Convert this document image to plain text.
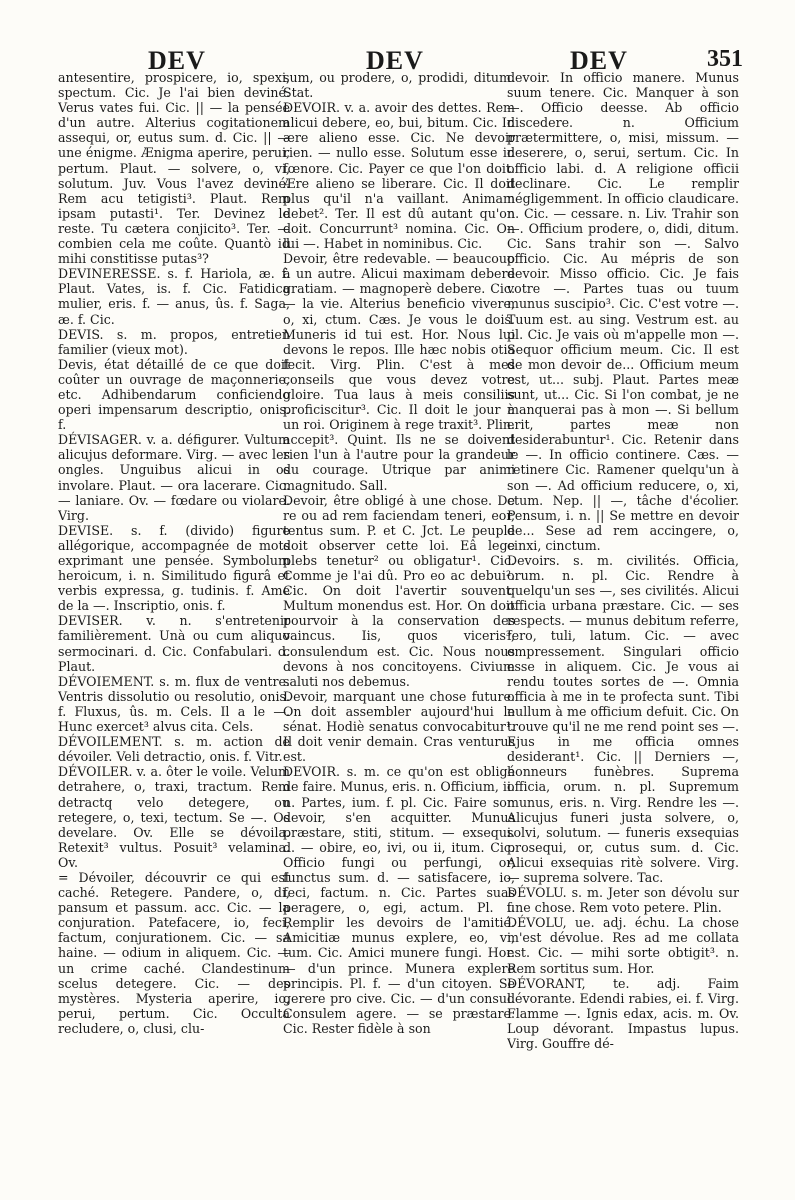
DEV	DEV	DEV	351

antesentire, prospicere, io, spexi, spectum. Cic. Je l'ai bien deviné. Verus vates fui. Cic. || — la pensée d'un autre. Alterius cogitationem assequi, or, eutus sum. d. Cic. || — une énigme. Ænigma aperire, perui, pertum. Plaut. — solvere, o, vi, solutum. Juv. Vous l'avez deviné. Rem acu tetigisti³. Plaut. Rem ipsam putasti¹. Ter. Devinez le reste. Tu cætera conjicito³. Ter. — combien cela me coûte. Quantò id mihi constitisse putas³?

DEVINERESSE. s. f. Hariola, æ. f. Plaut. Vates, is. f. Cic. Fatidica mulier, eris. f. — anus, ûs. f. Saga, æ. f. Cic.

DEVIS. s. m. propos, entretien familier (vieux mot).

Devis, état détaillé de ce que doit coûter un ouvrage de maçonnerie, etc. Adhibendarum conficiendo operi impensarum descriptio, onis. f.

DÉVISAGER. v. a. défigurer. Vultum alicujus deformare. Virg. — avec les ongles. Unguibus alicui in os involare. Plaut. — ora lacerare. Cic. — laniare. Ov. — fœdare ou violare. Virg.

DEVISE. s. f. (divido) figure allégorique, accompagnée de mots exprimant une pensée. Symbolum heroicum, i. n. Similitudo figurâ et verbis expressa, g. tudinis. f. Ame de la —. Inscriptio, onis. f.

DEVISER. v. n. s'entretenir familièrement. Unà ou cum aliquo sermocinari. d. Cic. Confabulari. d. Plaut.

DÉVOIEMENT. s. m. flux de ventre. Ventris dissolutio ou resolutio, onis. f. Fluxus, ûs. m. Cels. Il a le —. Hunc exercet³ alvus cita. Cels.

DÉVOILEMENT. s. m. action de dévoiler. Veli detractio, onis. f. Vitr.

DÉVOILER. v. a. ôter le voile. Velum detrahere, o, traxi, tractum. Rem detractq velo detegere, ou retegere, o, texi, tectum. Se —. Os develare. Ov. Elle se dévoila. Retexit³ vultus. Posuit³ velamina. Ov.

= Dévoiler, découvrir ce qui est caché. Retegere. Pandere, o, di, pansum et passum. acc. Cic. — la conjuration. Patefacere, io, feci, factum, conjurationem. Cic. — sa haine. — odium in aliquem. Cic. — un crime caché. Clandestinum scelus detegere. Cic. — des mystères. Mysteria aperire, io, perui, pertum. Cic. Occulta recludere, o, clusi, clu-

sum, ou prodere, o, prodidi, ditum. Stat.

DEVOIR. v. a. avoir des dettes. Rem alicui debere, eo, bui, bitum. Cic. In ære alieno esse. Cic. Ne devoir rien. — nullo esse. Solutum esse in fœnore. Cic. Payer ce que l'on doit. Ære alieno se liberare. Cic. Il doit plus qu'il n'a vaillant. Animam debet². Ter. Il est dû autant qu'on doit. Concurrunt³ nomina. Cic. On lui —. Habet in nominibus. Cic.

Devoir, être redevable. — beaucoup à un autre. Alicui maximam debere gratiam. — magnoperè debere. Cic. — la vie. Alterius beneficio vivere, o, xi, ctum. Cæs. Je vous le dois. Muneris id tui est. Hor. Nous lui devons le repos. Ille hæc nobis otia fecit. Virg. Plin. C'est à mes conseils que vous devez votre gloire. Tua laus à meis consiliis proficiscitur³. Cic. Il doit le jour à un roi. Originem à rege traxit³. Plin. accepit³. Quint. Ils ne se doivent rien l'un à l'autre pour la grandeur du courage. Utrique par animi magnitudo. Sall.

Devoir, être obligé à une chose. De re ou ad rem faciendam teneri, eor, tentus sum. P. et C. Jct. Le peuple doit observer cette loi. Eâ lege plebs tenetur² ou obligatur¹. Cic. Comme je l'ai dû. Pro eo ac debui². Cic. On doit l'avertir souvent. Multum monendus est. Hor. On doit pourvoir à la conservation des vaincus. Iis, quos viceris³, consulendum est. Cic. Nous nous devons à nos concitoyens. Civium saluti nos debemus.

Devoir, marquant une chose future. On doit assembler aujourd'hui le sénat. Hodiè senatus convocabitur¹. Il doit venir demain. Cras venturus est.

DEVOIR. s. m. ce qu'on est obligé de faire. Munus, eris. n. Officium, ii. n. Partes, ium. f. pl. Cic. Faire son devoir, s'en acquitter. Munus præstare, stiti, stitum. — exsequi. d. — obire, eo, ivi, ou ii, itum. Cic. Officio fungi ou perfungi, or, functus sum. d. — satisfacere, io, feci, factum. n. Cic. Partes suas peragere, o, egi, actum. Pl. f. Remplir les devoirs de l'amitié. Amicitiæ munus explere, eo, vi, tum. Cic. Amici munere fungi. Hor. — d'un prince. Munera explere principis. Pl. f. — d'un citoyen. Se gerere pro cive. Cic. — d'un consul. Consulem agere. — se præstare. Cic. Rester fidèle à son

devoir. In officio manere. Munus suum tenere. Cic. Manquer à son —. Officio deesse. Ab officio discedere. n. Officium prætermittere, o, misi, missum. — deserere, o, serui, sertum. Cic. In officio labi. d. A religione officii declinare. Cic. Le remplir négligemment. In officio claudicare. n. Cic. — cessare. n. Liv. Trahir son —. Officium prodere, o, didi, ditum. Cic. Sans trahir son —. Salvo officio. Cic. Au mépris de son devoir. Misso officio. Cic. Je fais votre —. Partes tuas ou tuum munus suscipio³. Cic. C'est votre —. Tuum est. au sing. Vestrum est. au pl. Cic. Je vais où m'appelle mon —. Sequor officium meum. Cic. Il est de mon devoir de... Officium meum est, ut... subj. Plaut. Partes meæ sunt, ut... Cic. Si l'on combat, je ne manquerai pas à mon —. Si bellum erit, partes meæ non desiderabuntur¹. Cic. Retenir dans le —. In officio continere. Cæs. — retinere Cic. Ramener quelqu'un à son —. Ad officium reducere, o, xi, ctum. Nep. || —, tâche d'écolier. Pensum, i. n. || Se mettre en devoir de... Sese ad rem accingere, o, cinxi, cinctum.

Devoirs. s. m. civilités. Officia, orum. n. pl. Cic. Rendre à quelqu'un ses —, ses civilités. Alicui officia urbana præstare. Cic. — ses respects. — munus debitum referre, fero, tuli, latum. Cic. — avec empressement. Singulari officio esse in aliquem. Cic. Je vous ai rendu toutes sortes de —. Omnia officia à me in te profecta sunt. Tibi nullum à me officium defuit. Cic. On trouve qu'il ne me rend point ses —. Ejus in me officia omnes desiderant¹. Cic. || Derniers —, honneurs funèbres. Suprema officia, orum. n. pl. Supremum munus, eris. n. Virg. Rendre les —. Alicujus funeri justa solvere, o, solvi, solutum. — funeris exsequias prosequi, or, cutus sum. d. Cic. Alicui exsequias ritè solvere. Virg. — suprema solvere. Tac.

DÉVOLU. s. m. Jeter son dévolu sur une chose. Rem voto petere. Plin.

DÉVOLU, ue. adj. échu. La chose m'est dévolue. Res ad me collata est. Cic. — mihi sorte obtigit³. n. Rem sortitus sum. Hor.

DÉVORANT, te. adj. Faim dévorante. Edendi rabies, ei. f. Virg. Flamme —. Ignis edax, acis. m. Ov. Loup dévorant. Impastus lupus. Virg. Gouffre dé-
